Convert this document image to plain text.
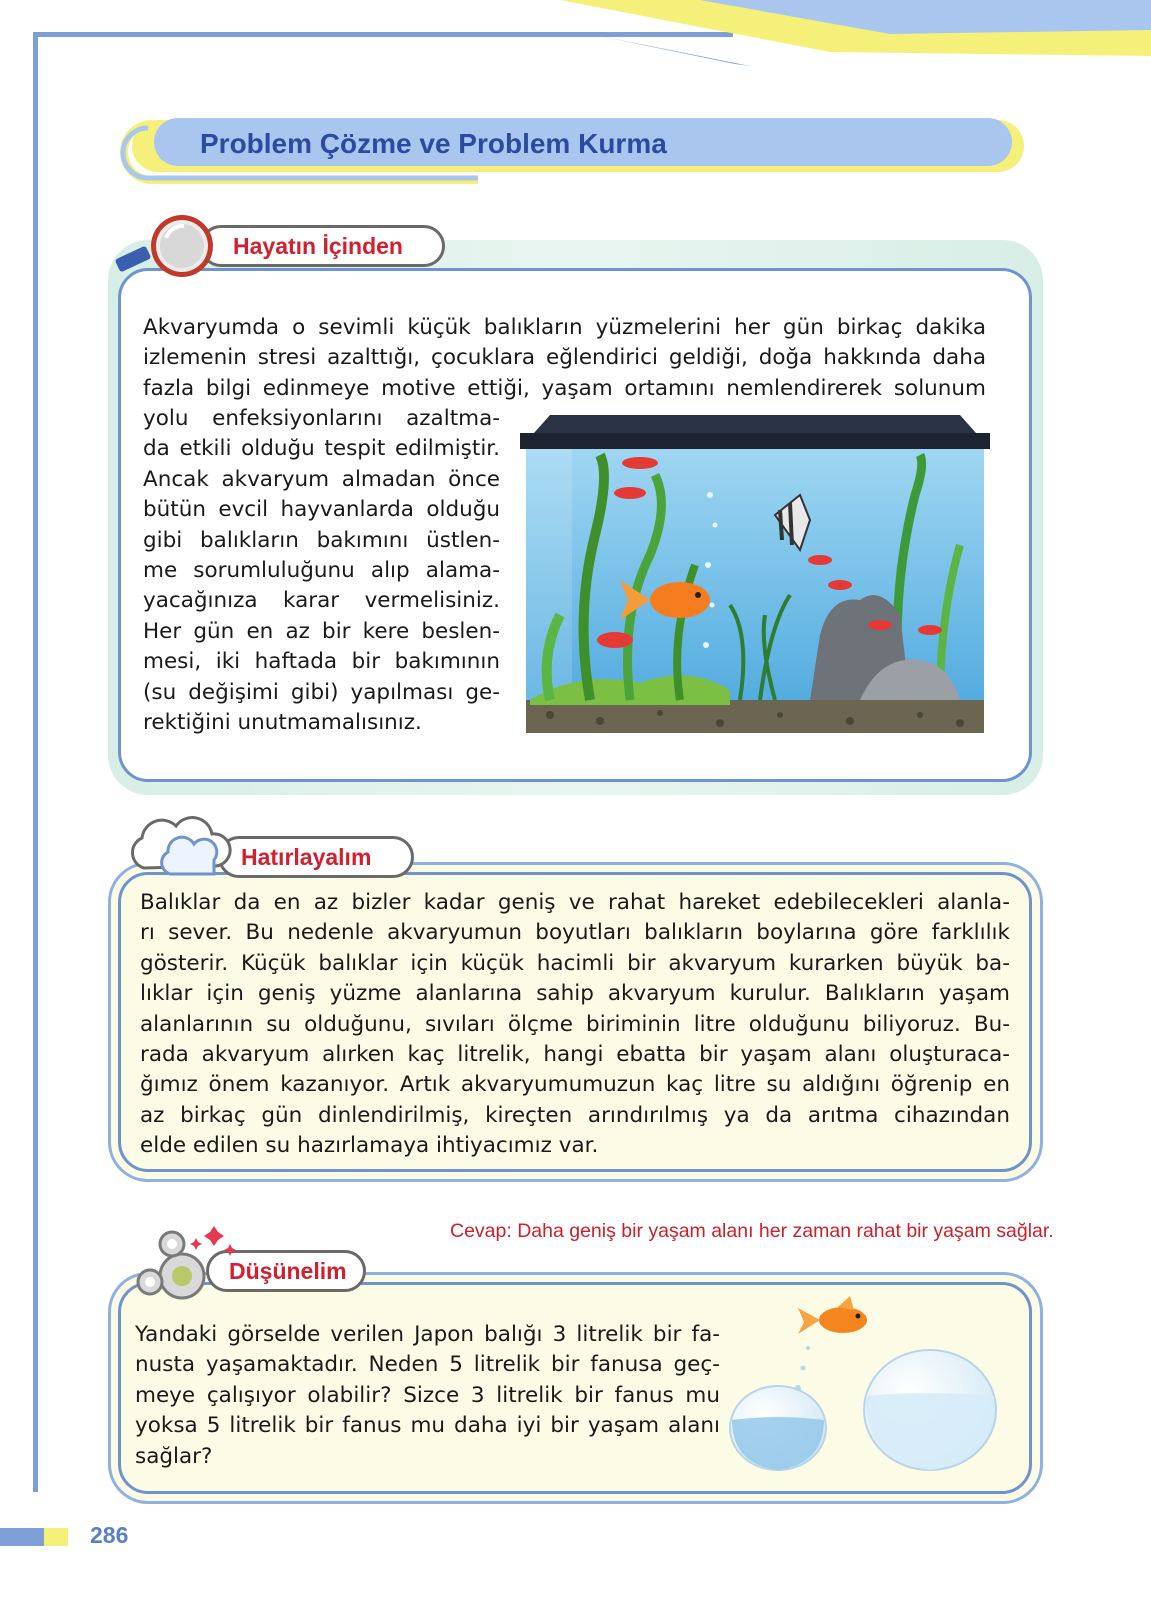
Problem Çözme ve Problem Kurma
Hayatın İçinden
Akvaryumda o sevimli küçük balıkların yüzmelerini her gün birkaç dakika
izlemenin stresi azalttığı, çocuklara eğlendirici geldiği, doğa hakkında daha
fazla bilgi edinmeye motive ettiği, yaşam ortamını nemlendirerek solunum
yolu enfeksiyonlarını azaltma-
da etkili olduğu tespit edilmiştir.
Ancak akvaryum almadan önce
bütün evcil hayvanlarda olduğu
gibi balıkların bakımını üstlen-
me sorumluluğunu alıp alama-
yacağınıza karar vermelisiniz.
Her gün en az bir kere beslen-
mesi, iki haftada bir bakımının
(su değişimi gibi) yapılması ge-
rektiğini unutmamalısınız.
Hatırlayalım
Balıklar da en az bizler kadar geniş ve rahat hareket edebilecekleri alanla-
rı sever. Bu nedenle akvaryumun boyutları balıkların boylarına göre farklılık
gösterir. Küçük balıklar için küçük hacimli bir akvaryum kurarken büyük ba-
lıklar için geniş yüzme alanlarına sahip akvaryum kurulur. Balıkların yaşam
alanlarının su olduğunu, sıvıları ölçme biriminin litre olduğunu biliyoruz. Bu-
rada akvaryum alırken kaç litrelik, hangi ebatta bir yaşam alanı oluşturaca-
ğımız önem kazanıyor. Artık akvaryumumuzun kaç litre su aldığını öğrenip en
az birkaç gün dinlendirilmiş, kireçten arındırılmış ya da arıtma cihazından
elde edilen su hazırlamaya ihtiyacımız var.
Cevap: Daha geniş bir yaşam alanı her zaman rahat bir yaşam sağlar.
Düşünelim
Yandaki görselde verilen Japon balığı 3 litrelik bir fa-
nusta yaşamaktadır. Neden 5 litrelik bir fanusa geç-
meye çalışıyor olabilir? Sizce 3 litrelik bir fanus mu
yoksa 5 litrelik bir fanus mu daha iyi bir yaşam alanı
sağlar?
286
